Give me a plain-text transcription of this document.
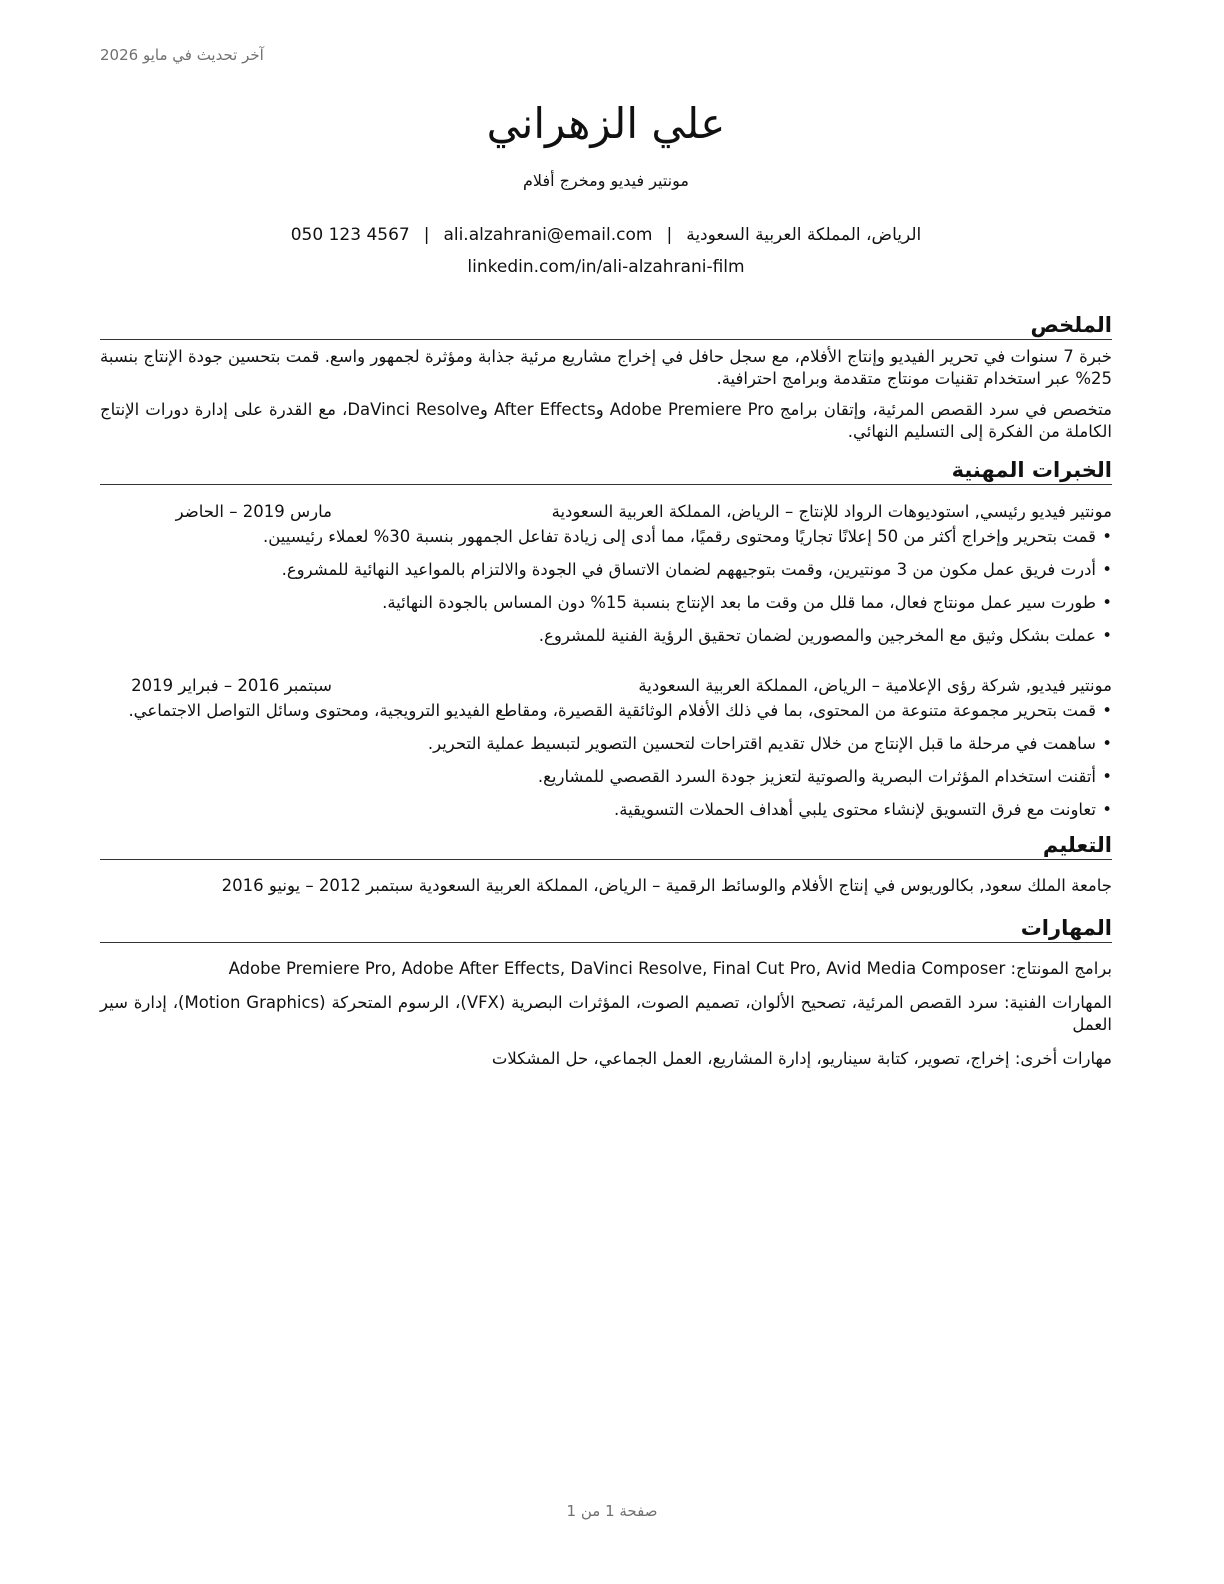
آخر تحديث في مايو 2026
علي الزهراني
مونتير فيديو ومخرج أفلام
الرياض، المملكة العربية السعودية|ali.alzahrani@email.com|050 123 4567
linkedin.com/in/ali-alzahrani-film
الملخص

خبرة 7 سنوات في تحرير الفيديو وإنتاج الأفلام، مع سجل حافل في إخراج مشاريع مرئية جذابة ومؤثرة لجمهور واسع. قمت بتحسين جودة الإنتاج بنسبة 25% عبر استخدام تقنيات مونتاج متقدمة وبرامج احترافية.

متخصص في سرد القصص المرئية، وإتقان برامج Adobe Premiere Pro وAfter Effects وDaVinci Resolve، مع القدرة على إدارة دورات الإنتاج الكاملة من الفكرة إلى التسليم النهائي.

الخبرات المهنية
مونتير فيديو رئيسي, استوديوهات الرواد للإنتاج – الرياض، المملكة العربية السعودية
مارس 2019 – الحاضر
• قمت بتحرير وإخراج أكثر من 50 إعلانًا تجاريًا ومحتوى رقميًا، مما أدى إلى زيادة تفاعل الجمهور بنسبة 30% لعملاء رئيسيين.
• أدرت فريق عمل مكون من 3 مونتيرين، وقمت بتوجيههم لضمان الاتساق في الجودة والالتزام بالمواعيد النهائية للمشروع.
• طورت سير عمل مونتاج فعال، مما قلل من وقت ما بعد الإنتاج بنسبة 15% دون المساس بالجودة النهائية.
• عملت بشكل وثيق مع المخرجين والمصورين لضمان تحقيق الرؤية الفنية للمشروع.
مونتير فيديو, شركة رؤى الإعلامية – الرياض، المملكة العربية السعودية
سبتمبر 2016 – فبراير 2019
• قمت بتحرير مجموعة متنوعة من المحتوى، بما في ذلك الأفلام الوثائقية القصيرة، ومقاطع الفيديو الترويجية، ومحتوى وسائل التواصل الاجتماعي.
• ساهمت في مرحلة ما قبل الإنتاج من خلال تقديم اقتراحات لتحسين التصوير لتبسيط عملية التحرير.
• أتقنت استخدام المؤثرات البصرية والصوتية لتعزيز جودة السرد القصصي للمشاريع.
• تعاونت مع فرق التسويق لإنشاء محتوى يلبي أهداف الحملات التسويقية.
التعليم
جامعة الملك سعود, بكالوريوس في إنتاج الأفلام والوسائط الرقمية – الرياض، المملكة العربية السعودية سبتمبر 2012 – يونيو 2016
المهارات
برامج المونتاج: Adobe Premiere Pro, Adobe After Effects, DaVinci Resolve, Final Cut Pro, Avid Media Composer
المهارات الفنية: سرد القصص المرئية، تصحيح الألوان، تصميم الصوت، المؤثرات البصرية (VFX)، الرسوم المتحركة (Motion Graphics)، إدارة سير العمل
مهارات أخرى: إخراج، تصوير، كتابة سيناريو، إدارة المشاريع، العمل الجماعي، حل المشكلات
صفحة 1 من 1
